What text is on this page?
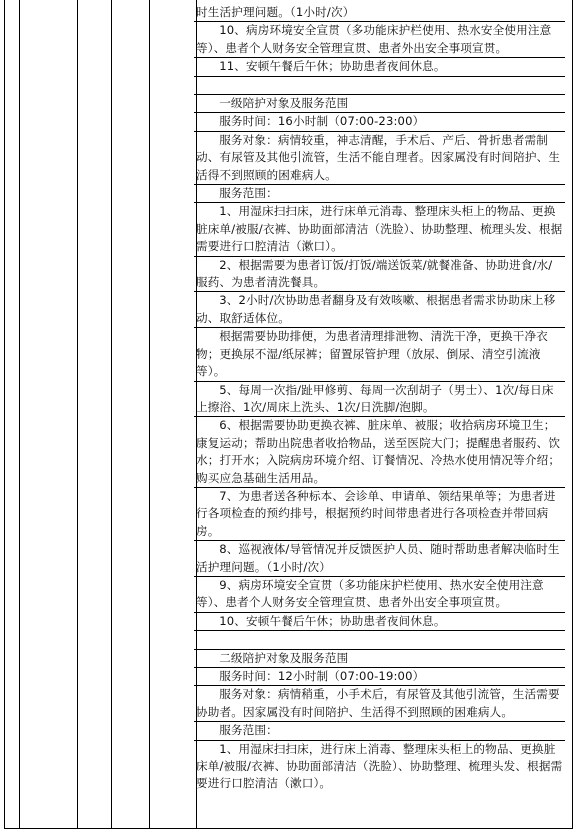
时生活护理问题。（1小时/次）

10、病房环境安全宣贯（多功能床护栏使用、热水安全使用注意等）、患者个人财务安全管理宣贯、患者外出安全事项宣贯。

11、安顿午餐后午休；协助患者夜间休息。

一级陪护对象及服务范围

服务时间：16小时制（07:00-23:00）

服务对象：病情较重，神志清醒，手术后、产后、骨折患者需制动、有尿管及其他引流管，生活不能自理者。因家属没有时间陪护、生活得不到照顾的困难病人。

服务范围：

1、用湿床扫扫床，进行床单元消毒、整理床头柜上的物品、更换脏床单/被服/衣裤、协助面部清洁（洗脸）、协助整理、梳理头发、根据需要进行口腔清洁（漱口）。

2、根据需要为患者订饭/打饭/端送饭菜/就餐准备、协助进食/水/服药、为患者清洗餐具。

3、2小时/次协助患者翻身及有效咳嗽、根据患者需求协助床上移动、取舒适体位。

根据需要协助排便，为患者清理排泄物、清洗干净，更换干净衣物；更换尿不湿/纸尿裤；留置尿管护理（放尿、倒尿、清空引流液等）。

5、每周一次指/趾甲修剪、每周一次刮胡子（男士）、1次/每日床上擦浴、1次/周床上洗头、1次/日洗脚/泡脚。

6、根据需要协助更换衣裤、脏床单、被服；收拾病房环境卫生；康复运动；帮助出院患者收拾物品，送至医院大门；提醒患者服药、饮水；打开水；入院病房环境介绍、订餐情况、冷热水使用情况等介绍；购买应急基础生活用品。

7、为患者送各种标本、会诊单、申请单、领结果单等；为患者进行各项检查的预约排号，根据预约时间带患者进行各项检查并带回病房。

8、巡视液体/导管情况并反馈医护人员、随时帮助患者解决临时生活护理问题。（1小时/次）

9、病房环境安全宣贯（多功能床护栏使用、热水安全使用注意等）、患者个人财务安全管理宣贯、患者外出安全事项宣贯。

10、安顿午餐后午休；协助患者夜间休息。

二级陪护对象及服务范围

服务时间：12小时制（07:00-19:00）

服务对象：病情稍重，小手术后，有尿管及其他引流管，生活需要协助者。因家属没有时间陪护、生活得不到照顾的困难病人。

服务范围：

1、用湿床扫扫床，进行床上消毒、整理床头柜上的物品、更换脏床单/被服/衣裤、协助面部清洁（洗脸）、协助整理、梳理头发、根据需要进行口腔清洁（漱口）。
